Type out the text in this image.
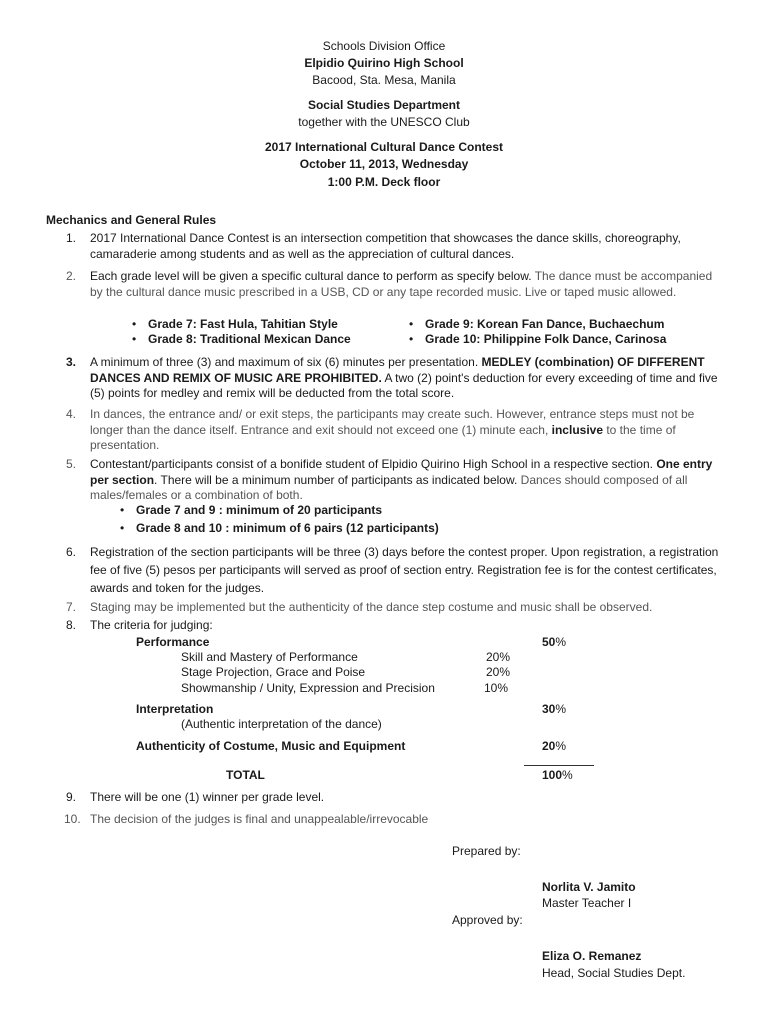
Schools Division Office
Elpidio Quirino High School
Bacood, Sta. Mesa, Manila
Social Studies Department
together with the UNESCO Club
2017 International Cultural Dance Contest
October 11, 2013, Wednesday
1:00 P.M. Deck floor
Mechanics and General Rules
1.	2017 International Dance Contest is an intersection competition that showcases the dance skills, choreography, camaraderie among students and as well as the appreciation of cultural dances.
2.	Each grade level will be given a specific cultural dance to perform as specify below. The dance must be accompanied by the cultural dance music prescribed in a USB, CD or any tape recorded music. Live or taped music allowed.
• Grade 7: Fast Hula, Tahitian Style
• Grade 8: Traditional Mexican Dance
• Grade 9: Korean Fan Dance, Buchaechum
• Grade 10: Philippine Folk Dance, Carinosa
3.	A minimum of three (3) and maximum of six (6) minutes per presentation. MEDLEY (combination) OF DIFFERENT DANCES AND REMIX OF MUSIC ARE PROHIBITED. A two (2) point's deduction for every exceeding of time and five (5) points for medley and remix will be deducted from the total score.
4.	In dances, the entrance and/ or exit steps, the participants may create such. However, entrance steps must not be longer than the dance itself. Entrance and exit should not exceed one (1) minute each, inclusive to the time of presentation.
5.	Contestant/participants consist of a bonifide student of Elpidio Quirino High School in a respective section. One entry per section. There will be a minimum number of participants as indicated below. Dances should composed of all males/females or a combination of both.
• Grade 7 and 9 : minimum of 20 participants
• Grade 8 and 10 : minimum of 6 pairs (12 participants)
6.	Registration of the section participants will be three (3) days before the contest proper. Upon registration, a registration fee of five (5) pesos per participants will served as proof of section entry. Registration fee is for the contest certificates, awards and token for the judges.
7.	Staging may be implemented but the authenticity of the dance step costume and music shall be observed.
8.	The criteria for judging:
Performance	50%
Skill and Mastery of Performance	20%
Stage Projection, Grace and Poise	20%
Showmanship / Unity, Expression and Precision	10%
Interpretation	30%
(Authentic interpretation of the dance)
Authenticity of Costume, Music and Equipment	20%
TOTAL	100%
9.	There will be one (1) winner per grade level.
10. The decision of the judges is final and unappealable/irrevocable
Prepared by:
Norlita V. Jamito
Master Teacher I
Approved by:
Eliza O. Remanez
Head, Social Studies Dept.
